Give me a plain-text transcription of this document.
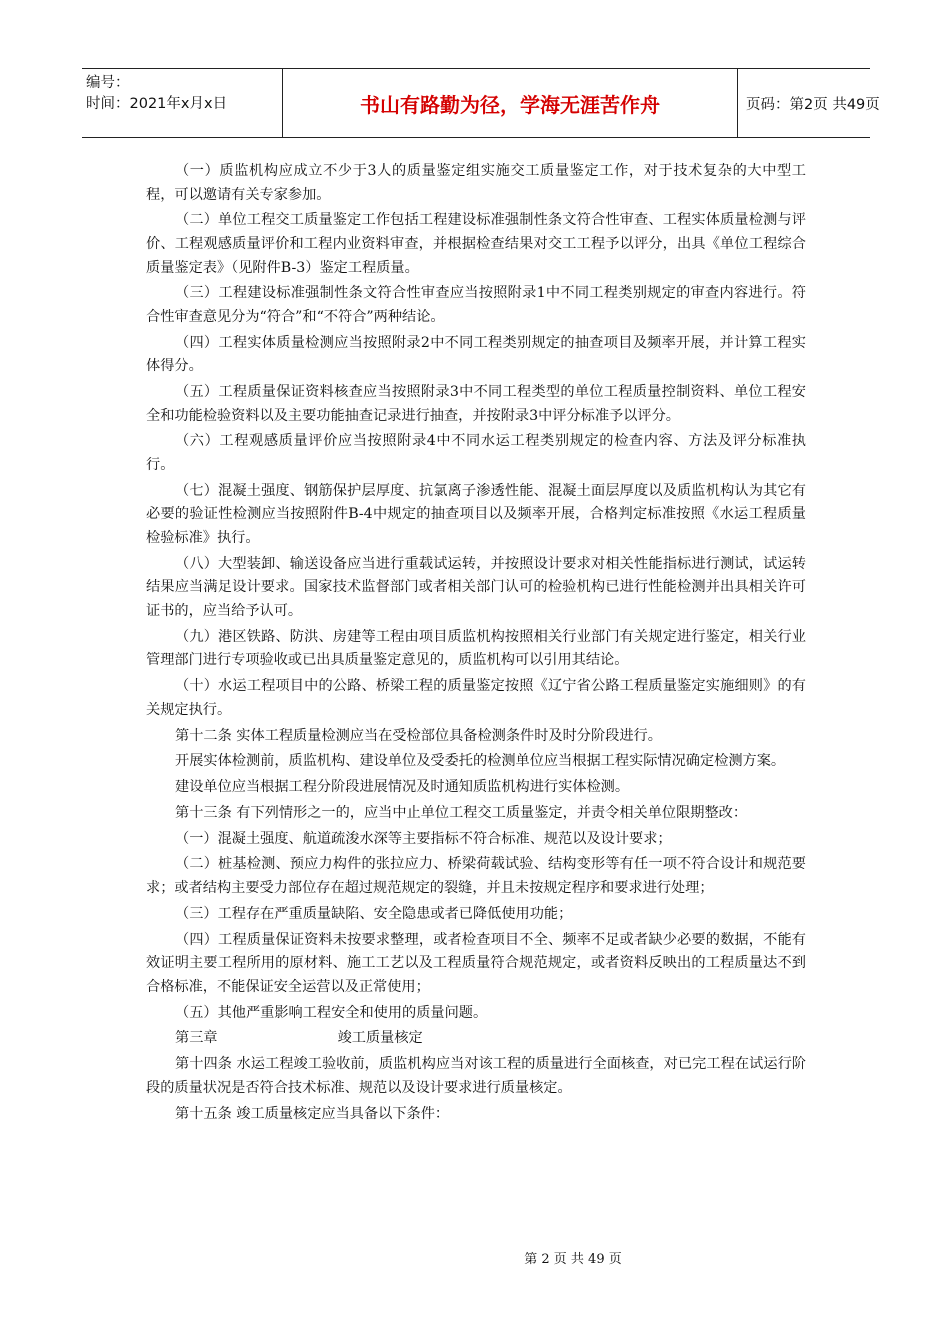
编号：
时间：2021年x月x日	书山有路勤为径，学海无涯苦作舟	页码：第2页 共49页

（一）质监机构应成立不少于3人的质量鉴定组实施交工质量鉴定工作，对于技术复杂的大中型工程，可以邀请有关专家参加。

（二）单位工程交工质量鉴定工作包括工程建设标准强制性条文符合性审查、工程实体质量检测与评价、工程观感质量评价和工程内业资料审查，并根据检查结果对交工工程予以评分，出具《单位工程综合质量鉴定表》（见附件B-3）鉴定工程质量。

（三）工程建设标准强制性条文符合性审查应当按照附录1中不同工程类别规定的审查内容进行。符合性审查意见分为“符合”和“不符合”两种结论。

（四）工程实体质量检测应当按照附录2中不同工程类别规定的抽查项目及频率开展，并计算工程实体得分。

（五）工程质量保证资料核查应当按照附录3中不同工程类型的单位工程质量控制资料、单位工程安全和功能检验资料以及主要功能抽查记录进行抽查，并按附录3中评分标准予以评分。

（六）工程观感质量评价应当按照附录4中不同水运工程类别规定的检查内容、方法及评分标准执行。

（七）混凝土强度、钢筋保护层厚度、抗氯离子渗透性能、混凝土面层厚度以及质监机构认为其它有必要的验证性检测应当按照附件B-4中规定的抽查项目以及频率开展，合格判定标准按照《水运工程质量检验标准》执行。

（八）大型装卸、输送设备应当进行重载试运转，并按照设计要求对相关性能指标进行测试，试运转结果应当满足设计要求。国家技术监督部门或者相关部门认可的检验机构已进行性能检测并出具相关许可证书的，应当给予认可。

（九）港区铁路、防洪、房建等工程由项目质监机构按照相关行业部门有关规定进行鉴定，相关行业管理部门进行专项验收或已出具质量鉴定意见的，质监机构可以引用其结论。

（十）水运工程项目中的公路、桥梁工程的质量鉴定按照《辽宁省公路工程质量鉴定实施细则》的有关规定执行。

第十二条 实体工程质量检测应当在受检部位具备检测条件时及时分阶段进行。

开展实体检测前，质监机构、建设单位及受委托的检测单位应当根据工程实际情况确定检测方案。

建设单位应当根据工程分阶段进展情况及时通知质监机构进行实体检测。

第十三条 有下列情形之一的，应当中止单位工程交工质量鉴定，并责令相关单位限期整改：

（一）混凝土强度、航道疏浚水深等主要指标不符合标准、规范以及设计要求；

（二）桩基检测、预应力构件的张拉应力、桥梁荷载试验、结构变形等有任一项不符合设计和规范要求；或者结构主要受力部位存在超过规范规定的裂缝，并且未按规定程序和要求进行处理；

（三）工程存在严重质量缺陷、安全隐患或者已降低使用功能；

（四）工程质量保证资料未按要求整理，或者检查项目不全、频率不足或者缺少必要的数据，不能有效证明主要工程所用的原材料、施工工艺以及工程质量符合规范规定，或者资料反映出的工程质量达不到合格标准，不能保证安全运营以及正常使用；

（五）其他严重影响工程安全和使用的质量问题。

第三章	竣工质量核定

第十四条 水运工程竣工验收前，质监机构应当对该工程的质量进行全面核查，对已完工程在试运行阶段的质量状况是否符合技术标准、规范以及设计要求进行质量核定。

第十五条 竣工质量核定应当具备以下条件：

第 2 页 共 49 页
